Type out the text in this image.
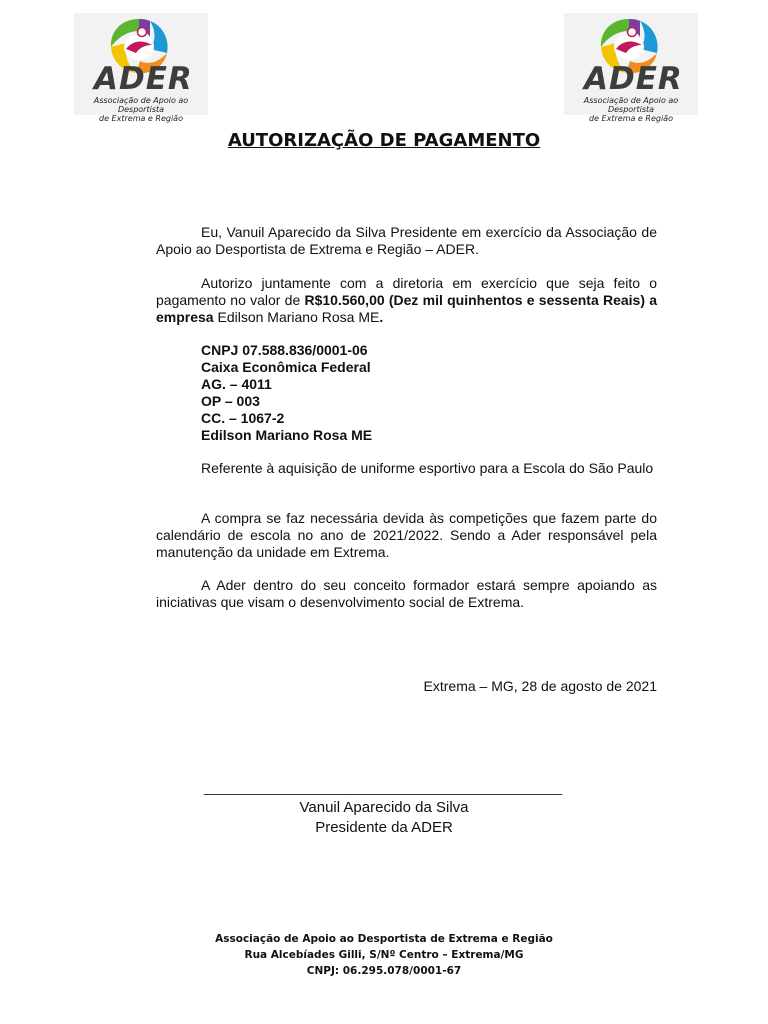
ADER
Associação de Apoio ao Desportista
de Extrema e Região
ADER
Associação de Apoio ao Desportista
de Extrema e Região
AUTORIZAÇÃO DE PAGAMENTO

Eu, Vanuil Aparecido da Silva Presidente em exercício da Associação de Apoio ao Desportista de Extrema e Região – ADER.

Autorizo juntamente com a diretoria em exercício que seja feito o pagamento no valor de R$10.560,00 (Dez mil quinhentos e sessenta Reais) a empresa Edilson Mariano Rosa ME.

CNPJ 07.588.836/0001-06
Caixa Econômica Federal
AG. – 4011
OP – 003
CC. – 1067-2
Edilson Mariano Rosa ME

Referente à aquisição de uniforme esportivo para a Escola do São Paulo

A compra se faz necessária devida às competições que fazem parte do calendário de escola no ano de 2021/2022. Sendo a Ader responsável pela manutenção da unidade em Extrema.

A Ader dentro do seu conceito formador estará sempre apoiando as iniciativas que visam o desenvolvimento social de Extrema.

Extrema – MG, 28 de agosto de 2021
______________________________________________
Vanuil Aparecido da Silva
Presidente da ADER
Associação de Apoio ao Desportista de Extrema e Região
Rua Alcebíades Gilli, S/Nº Centro – Extrema/MG
CNPJ: 06.295.078/0001-67
